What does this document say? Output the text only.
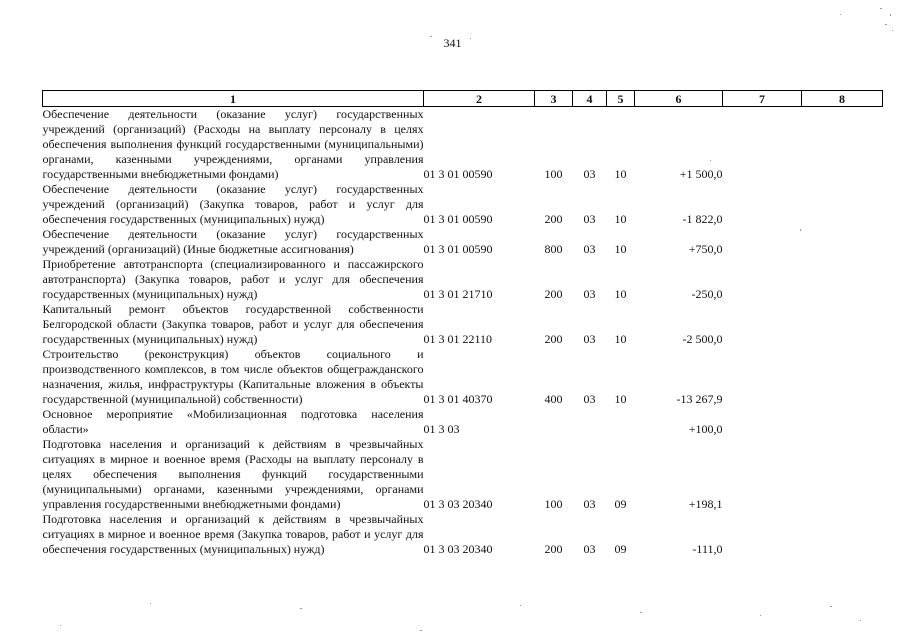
341
1	2	3	4	5	6	7	8
Обеспечение деятельности (оказание услуг) государственных учреждений (организаций) (Расходы на выплату персоналу в целях обеспечения выполнения функций государственными (муниципальными) органами, казенными учреждениями, органами управления государственными внебюджетными фондами)	01 3 01 00590	100	03	10	+1 500,0		
Обеспечение деятельности (оказание услуг) государственных учреждений (организаций) (Закупка товаров, работ и услуг для обеспечения государственных (муниципальных) нужд)	01 3 01 00590	200	03	10	-1 822,0		
Обеспечение деятельности (оказание услуг) государственных учреждений (организаций) (Иные бюджетные ассигнования)	01 3 01 00590	800	03	10	+750,0		
Приобретение автотранспорта (специализированного и пассажирского автотранспорта) (Закупка товаров, работ и услуг для обеспечения государственных (муниципальных) нужд)	01 3 01 21710	200	03	10	-250,0		
Капитальный ремонт объектов государственной собственности Белгородской области (Закупка товаров, работ и услуг для обеспечения государственных (муниципальных) нужд)	01 3 01 22110	200	03	10	-2 500,0		
Строительство (реконструкция) объектов социального и производственного комплексов, в том числе объектов общегражданского назначения, жилья, инфраструктуры (Капитальные вложения в объекты государственной (муниципальной) собственности)	01 3 01 40370	400	03	10	-13 267,9		
Основное мероприятие «Мобилизационная подготовка населения области»	01 3 03				+100,0		
Подготовка населения и организаций к действиям в чрезвычайных ситуациях в мирное и военное время (Расходы на выплату персоналу в целях обеспечения выполнения функций государственными (муниципальными) органами, казенными учреждениями, органами управления государственными внебюджетными фондами)	01 3 03 20340	100	03	09	+198,1		
Подготовка населения и организаций к действиям в чрезвычайных ситуациях в мирное и военное время (Закупка товаров, работ и услуг для обеспечения государственных (муниципальных) нужд)	01 3 03 20340	200	03	09	-111,0		
